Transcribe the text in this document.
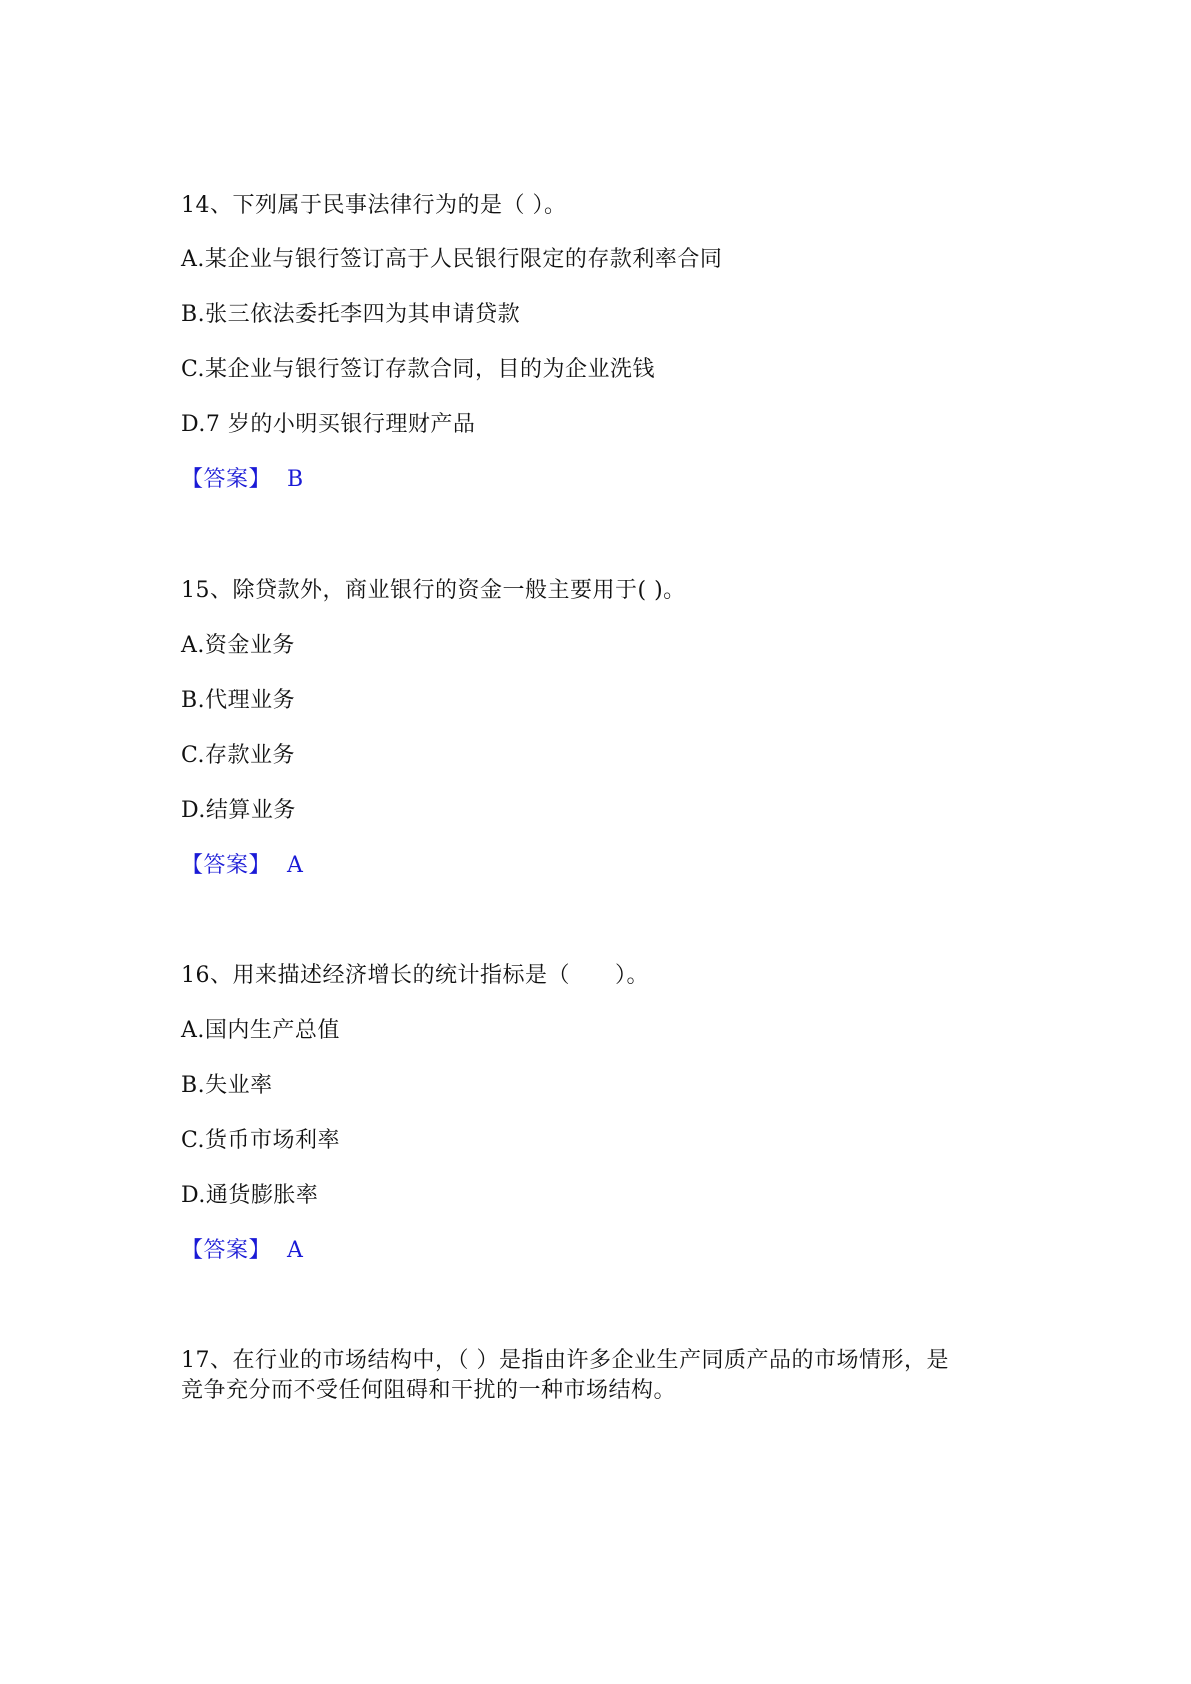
14、下列属于民事法律行为的是（ ）。
A.某企业与银行签订高于人民银行限定的存款利率合同
B.张三依法委托李四为其申请贷款
C.某企业与银行签订存款合同，目的为企业洗钱
D.7 岁的小明买银行理财产品
【答案】 B
15、除贷款外，商业银行的资金一般主要用于( )。
A.资金业务
B.代理业务
C.存款业务
D.结算业务
【答案】 A
16、用来描述经济增长的统计指标是（　　）。
A.国内生产总值
B.失业率
C.货币市场利率
D.通货膨胀率
【答案】 A
17、在行业的市场结构中，（ ）是指由许多企业生产同质产品的市场情形，是
竞争充分而不受任何阻碍和干扰的一种市场结构。
